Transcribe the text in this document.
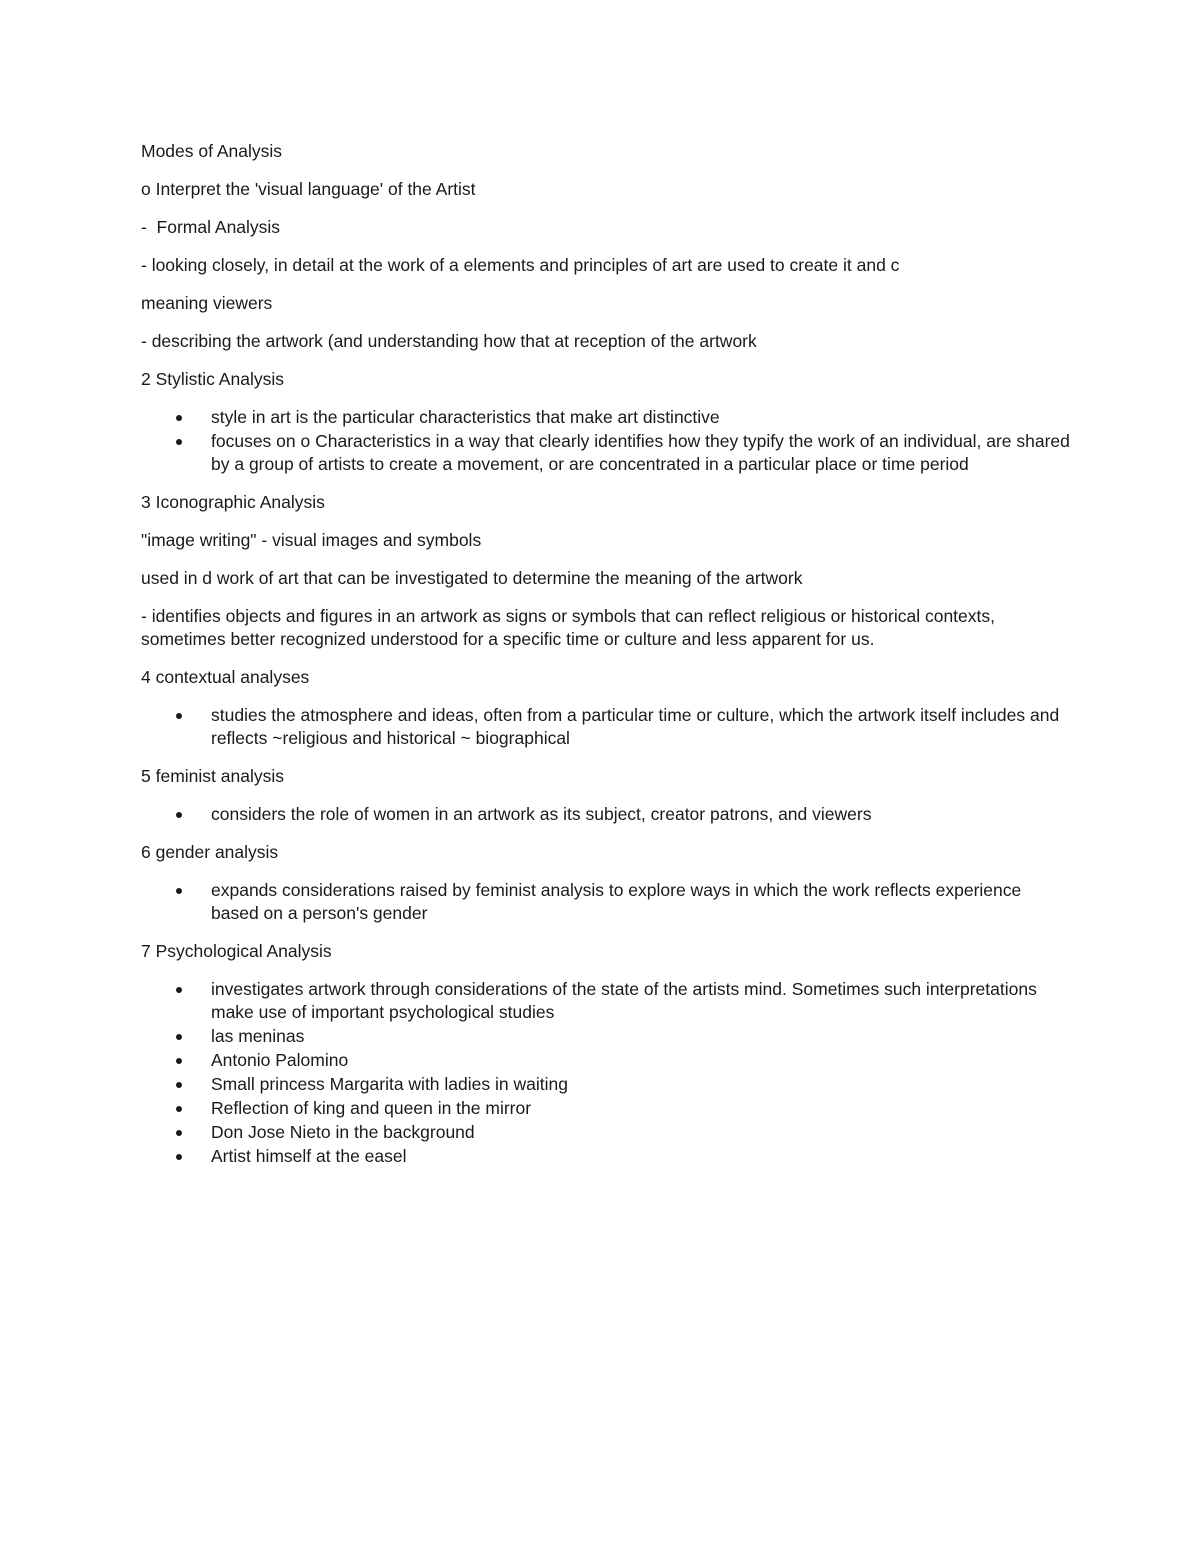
Modes of Analysis

o Interpret the 'visual language' of the Artist

-  Formal Analysis

- looking closely, in detail at the work of a elements and principles of art are used to create it and c

meaning viewers

- describing the artwork (and understanding how that at reception of the artwork

2 Stylistic Analysis

style in art is the particular characteristics that make art distinctive
focuses on o Characteristics in a way that clearly identifies how they typify the work of an individual, are shared by a group of artists to create a movement, or are concentrated in a particular place or time period

3 Iconographic Analysis

"image writing" - visual images and symbols

used in d work of art that can be investigated to determine the meaning of the artwork

- identifies objects and figures in an artwork as signs or symbols that can reflect religious or historical contexts, sometimes better recognized understood for a specific time or culture and less apparent for us.

4 contextual analyses

studies the atmosphere and ideas, often from a particular time or culture, which the artwork itself includes and reflects ~religious and historical ~ biographical

5 feminist analysis

considers the role of women in an artwork as its subject, creator patrons, and viewers

6 gender analysis

expands considerations raised by feminist analysis to explore ways in which the work reflects experience based on a person's gender

7 Psychological Analysis

investigates artwork through considerations of the state of the artists mind. Sometimes such interpretations make use of important psychological studies
las meninas
Antonio Palomino
Small princess Margarita with ladies in waiting
Reflection of king and queen in the mirror
Don Jose Nieto in the background
Artist himself at the easel
